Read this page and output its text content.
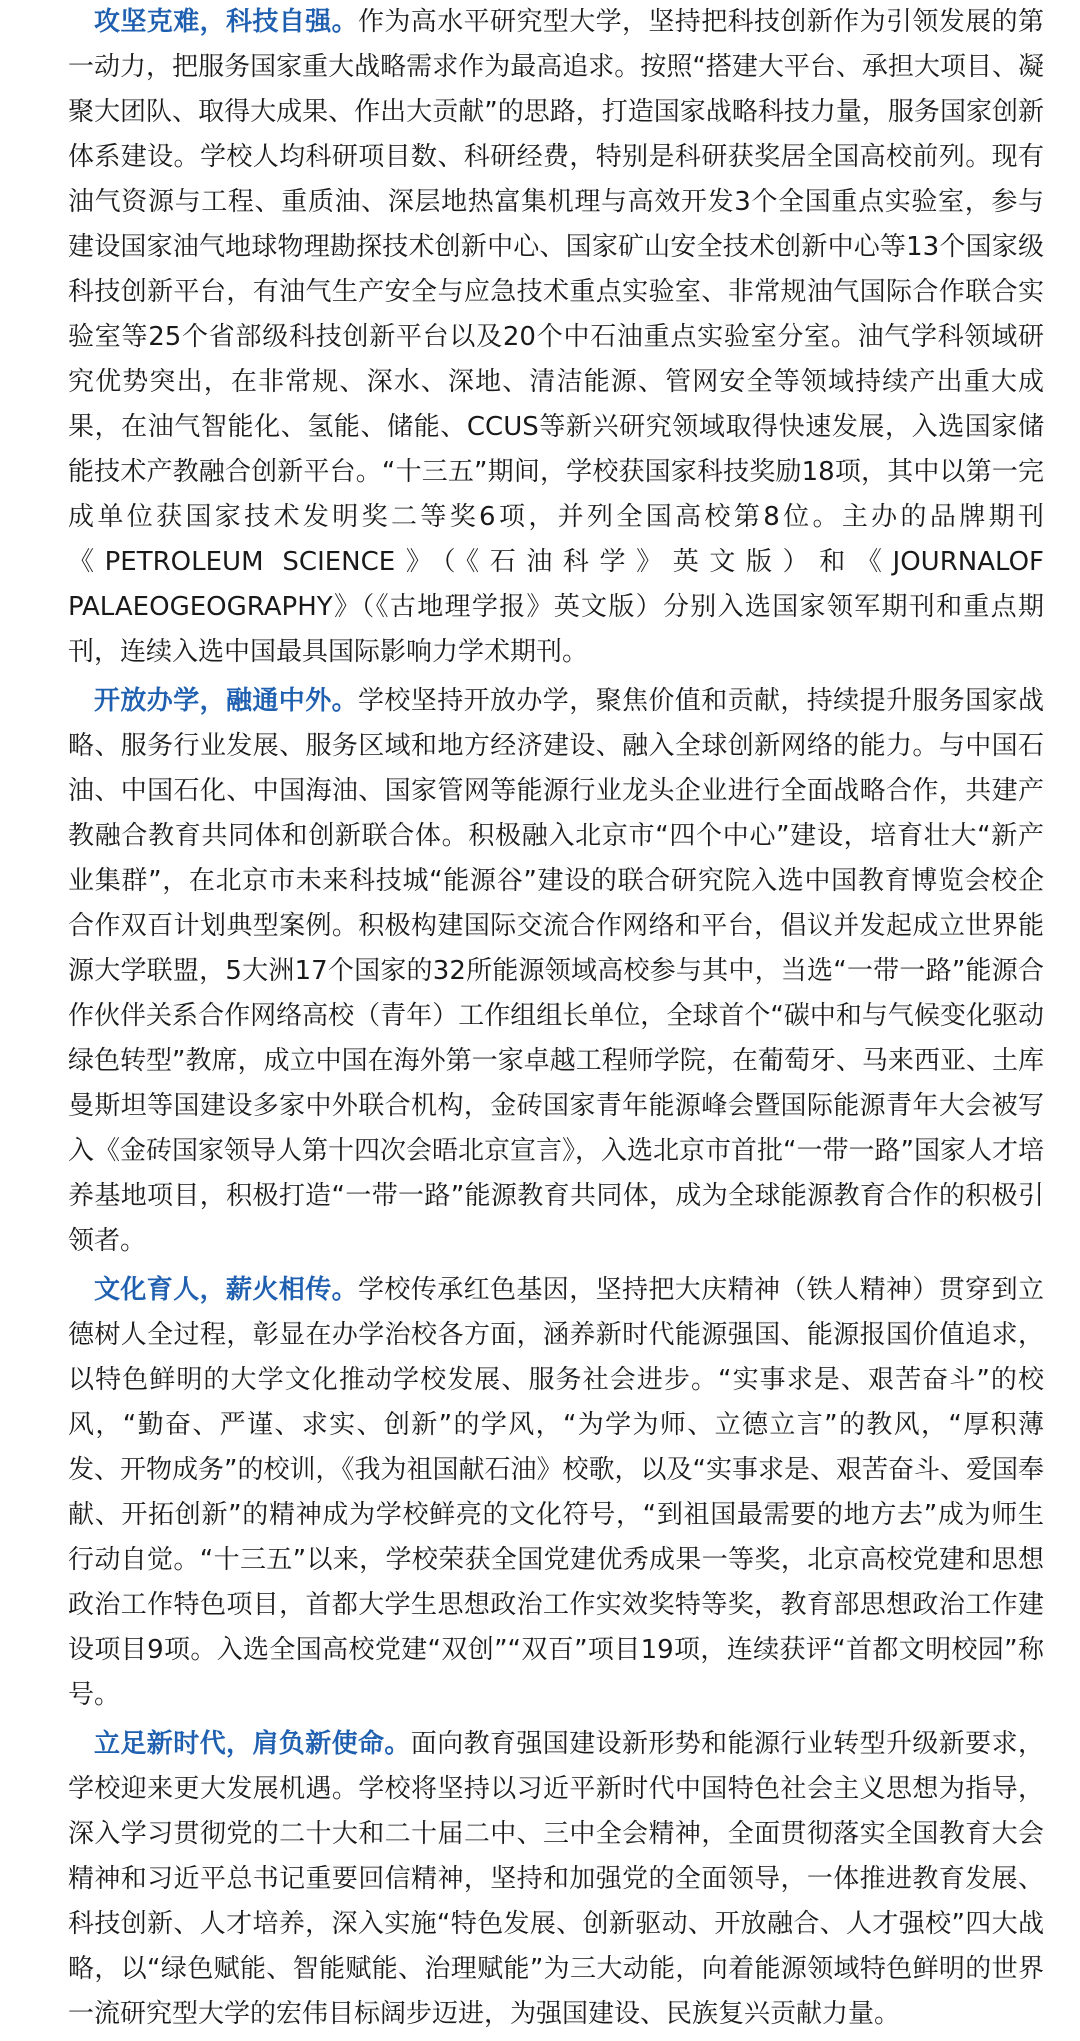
攻坚克难，科技自强。作为高水平研究型大学，坚持把科技创新作为引领发展的第一动力，把服务国家重大战略需求作为最高追求。按照“搭建大平台、承担大项目、凝聚大团队、取得大成果、作出大贡献”的思路，打造国家战略科技力量，服务国家创新体系建设。学校人均科研项目数、科研经费，特别是科研获奖居全国高校前列。现有油气资源与工程、重质油、深层地热富集机理与高效开发3个全国重点实验室，参与建设国家油气地球物理勘探技术创新中心、国家矿山安全技术创新中心等13个国家级科技创新平台，有油气生产安全与应急技术重点实验室、非常规油气国际合作联合实验室等25个省部级科技创新平台以及20个中石油重点实验室分室。油气学科领域研究优势突出，在非常规、深水、深地、清洁能源、管网安全等领域持续产出重大成果，在油气智能化、氢能、储能、CCUS等新兴研究领域取得快速发展，入选国家储能技术产教融合创新平台。“十三五”期间，学校获国家科技奖励18项，其中以第一完成单位获国家技术发明奖二等奖6项，并列全国高校第8位。主办的品牌期刊《PETROLEUM SCIENCE》（《石油科学》英文版）和《JOURNALOF PALAEOGEOGRAPHY》（《古地理学报》英文版）分别入选国家领军期刊和重点期刊，连续入选中国最具国际影响力学术期刊。

开放办学，融通中外。学校坚持开放办学，聚焦价值和贡献，持续提升服务国家战略、服务行业发展、服务区域和地方经济建设、融入全球创新网络的能力。与中国石油、中国石化、中国海油、国家管网等能源行业龙头企业进行全面战略合作，共建产教融合教育共同体和创新联合体。积极融入北京市“四个中心”建设，培育壮大“新产业集群”，在北京市未来科技城“能源谷”建设的联合研究院入选中国教育博览会校企合作双百计划典型案例。积极构建国际交流合作网络和平台，倡议并发起成立世界能源大学联盟，5大洲17个国家的32所能源领域高校参与其中，当选“一带一路”能源合作伙伴关系合作网络高校（青年）工作组组长单位，全球首个“碳中和与气候变化驱动绿色转型”教席，成立中国在海外第一家卓越工程师学院，在葡萄牙、马来西亚、土库曼斯坦等国建设多家中外联合机构，金砖国家青年能源峰会暨国际能源青年大会被写入《金砖国家领导人第十四次会晤北京宣言》，入选北京市首批“一带一路”国家人才培养基地项目，积极打造“一带一路”能源教育共同体，成为全球能源教育合作的积极引领者。

文化育人，薪火相传。学校传承红色基因，坚持把大庆精神（铁人精神）贯穿到立德树人全过程，彰显在办学治校各方面，涵养新时代能源强国、能源报国价值追求，以特色鲜明的大学文化推动学校发展、服务社会进步。“实事求是、艰苦奋斗”的校风，“勤奋、严谨、求实、创新”的学风，“为学为师、立德立言”的教风，“厚积薄发、开物成务”的校训，《我为祖国献石油》校歌，以及“实事求是、艰苦奋斗、爱国奉献、开拓创新”的精神成为学校鲜亮的文化符号，“到祖国最需要的地方去”成为师生行动自觉。“十三五”以来，学校荣获全国党建优秀成果一等奖，北京高校党建和思想政治工作特色项目，首都大学生思想政治工作实效奖特等奖，教育部思想政治工作建设项目9项。入选全国高校党建“双创”“双百”项目19项，连续获评“首都文明校园”称号。

立足新时代，肩负新使命。面向教育强国建设新形势和能源行业转型升级新要求，学校迎来更大发展机遇。学校将坚持以习近平新时代中国特色社会主义思想为指导，深入学习贯彻党的二十大和二十届二中、三中全会精神，全面贯彻落实全国教育大会精神和习近平总书记重要回信精神，坚持和加强党的全面领导，一体推进教育发展、科技创新、人才培养，深入实施“特色发展、创新驱动、开放融合、人才强校”四大战略，以“绿色赋能、智能赋能、治理赋能”为三大动能，向着能源领域特色鲜明的世界一流研究型大学的宏伟目标阔步迈进，为强国建设、民族复兴贡献力量。
